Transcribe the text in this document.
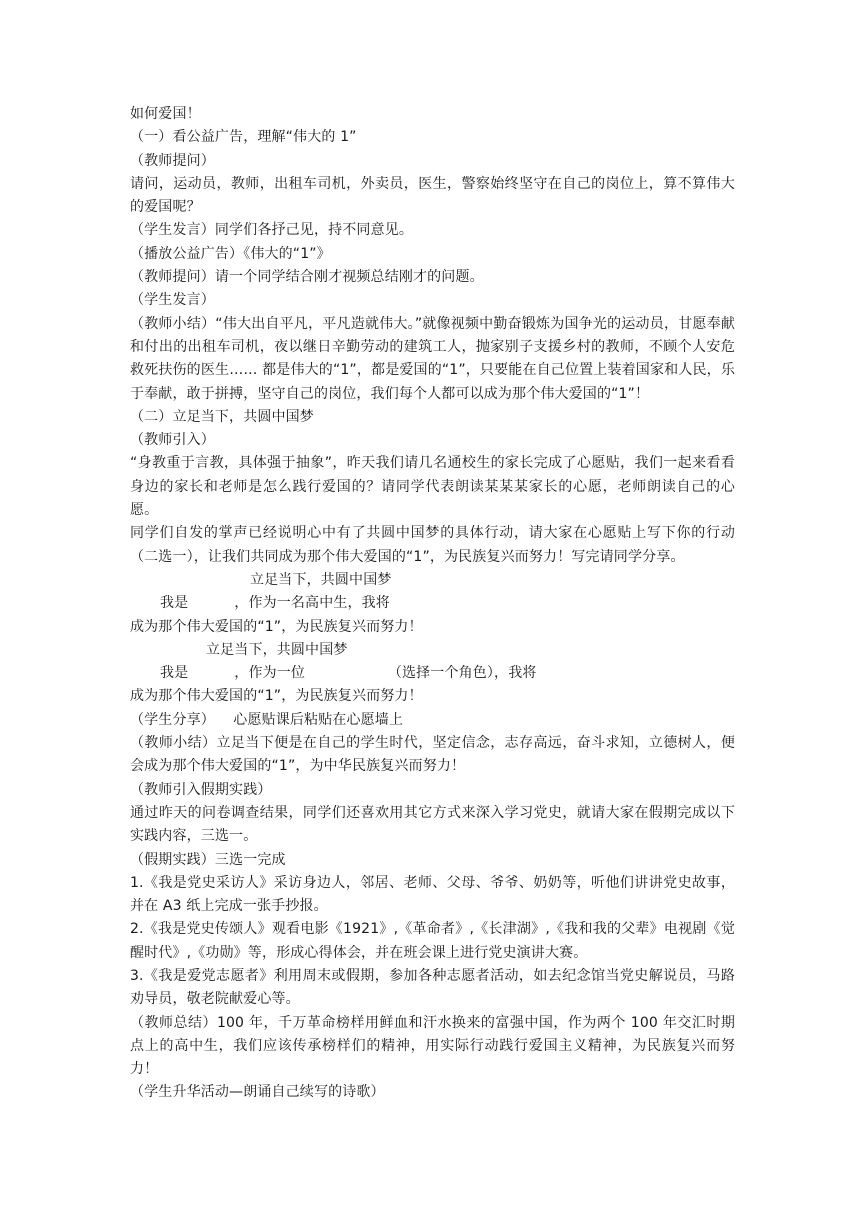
如何爱国！

（一）看公益广告，理解“伟大的 1”

（教师提问）

请问，运动员，教师，出租车司机，外卖员，医生，警察始终坚守在自己的岗位上，算不算伟大的爱国呢？

（学生发言）同学们各抒己见，持不同意见。

（播放公益广告）《伟大的“1”》

（教师提问）请一个同学结合刚才视频总结刚才的问题。

（学生发言）

（教师小结）“伟大出自平凡，平凡造就伟大。”就像视频中勤奋锻炼为国争光的运动员，甘愿奉献和付出的出租车司机，夜以继日辛勤劳动的建筑工人，抛家别子支援乡村的教师，不顾个人安危救死扶伤的医生…… 都是伟大的“1”，都是爱国的“1”，只要能在自己位置上装着国家和人民，乐于奉献，敢于拼搏，坚守自己的岗位，我们每个人都可以成为那个伟大爱国的“1”！

（二）立足当下，共圆中国梦

（教师引入）

“身教重于言教，具体强于抽象”，昨天我们请几名通校生的家长完成了心愿贴，我们一起来看看身边的家长和老师是怎么践行爱国的？请同学代表朗读某某某家长的心愿，老师朗读自己的心愿。

同学们自发的掌声已经说明心中有了共圆中国梦的具体行动，请大家在心愿贴上写下你的行动（二选一），让我们共同成为那个伟大爱国的“1”，为民族复兴而努力！写完请同学分享。

立足当下，共圆中国梦

我是          ，作为一名高中生，我将

成为那个伟大爱国的“1”，为民族复兴而努力！

立足当下，共圆中国梦

我是          ，作为一位                  （选择一个角色），我将

成为那个伟大爱国的“1”，为民族复兴而努力！

（学生分享）    心愿贴课后粘贴在心愿墙上

（教师小结）立足当下便是在自己的学生时代，坚定信念，志存高远，奋斗求知，立德树人，便会成为那个伟大爱国的“1”，为中华民族复兴而努力！

（教师引入假期实践）

通过昨天的问卷调查结果，同学们还喜欢用其它方式来深入学习党史，就请大家在假期完成以下实践内容，三选一。

（假期实践）三选一完成

1.《我是党史采访人》采访身边人，邻居、老师、父母、爷爷、奶奶等，听他们讲讲党史故事，并在 A3 纸上完成一张手抄报。

2.《我是党史传颂人》观看电影《1921》,《革命者》,《长津湖》,《我和我的父辈》电视剧《觉醒时代》,《功勋》等，形成心得体会，并在班会课上进行党史演讲大赛。

3.《我是爱党志愿者》利用周末或假期，参加各种志愿者活动，如去纪念馆当党史解说员，马路劝导员，敬老院献爱心等。

（教师总结）100 年，千万革命榜样用鲜血和汗水换来的富强中国，作为两个 100 年交汇时期点上的高中生，我们应该传承榜样们的精神，用实际行动践行爱国主义精神，为民族复兴而努力！

（学生升华活动—朗诵自己续写的诗歌）
